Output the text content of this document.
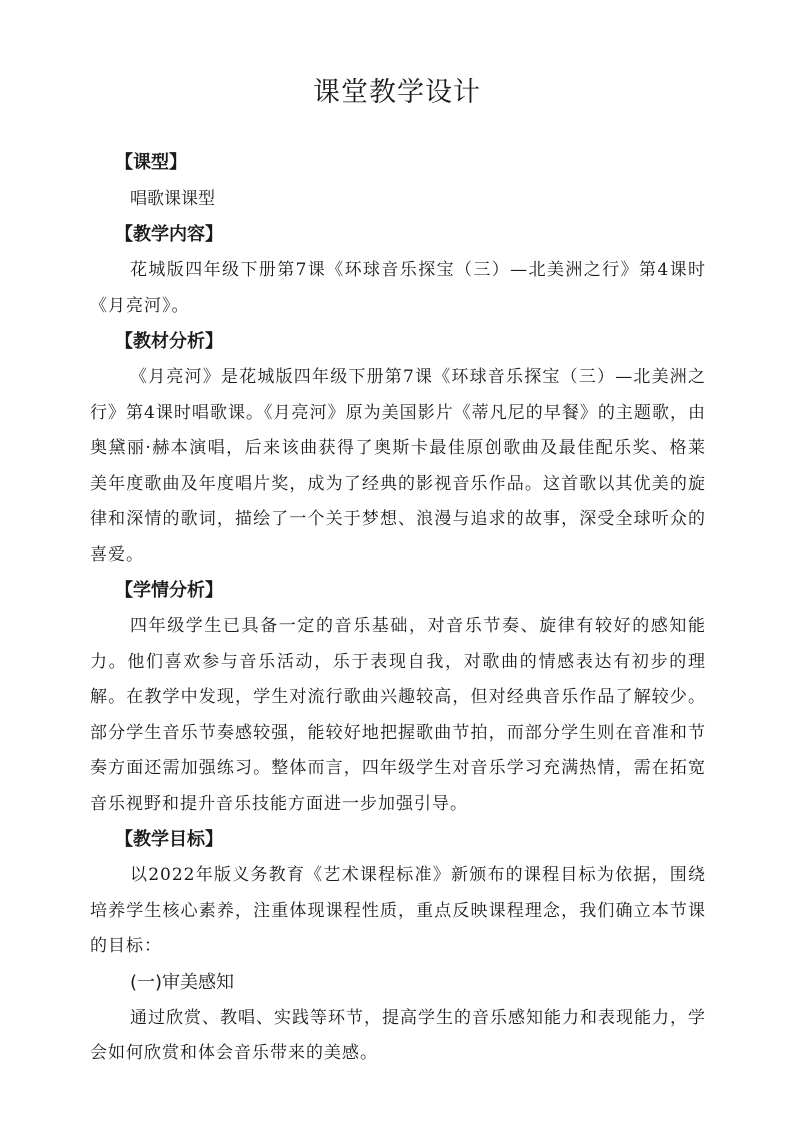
课堂教学设计

【课型】

唱歌课课型

【教学内容】

花城版四年级下册第7课《环球音乐探宝（三）—北美洲之行》第4课时《月亮河》。

【教材分析】

《月亮河》是花城版四年级下册第7课《环球音乐探宝（三）—北美洲之行》第4课时唱歌课。《月亮河》原为美国影片《蒂凡尼的早餐》的主题歌，由奥黛丽·赫本演唱，后来该曲获得了奥斯卡最佳原创歌曲及最佳配乐奖、格莱美年度歌曲及年度唱片奖，成为了经典的影视音乐作品。这首歌以其优美的旋律和深情的歌词，描绘了一个关于梦想、浪漫与追求的故事，深受全球听众的喜爱。

【学情分析】

四年级学生已具备一定的音乐基础，对音乐节奏、旋律有较好的感知能力。他们喜欢参与音乐活动，乐于表现自我，对歌曲的情感表达有初步的理解。在教学中发现，学生对流行歌曲兴趣较高，但对经典音乐作品了解较少。部分学生音乐节奏感较强，能较好地把握歌曲节拍，而部分学生则在音准和节奏方面还需加强练习。整体而言，四年级学生对音乐学习充满热情，需在拓宽音乐视野和提升音乐技能方面进一步加强引导。

【教学目标】

以2022年版义务教育《艺术课程标准》新颁布的课程目标为依据，围绕培养学生核心素养，注重体现课程性质，重点反映课程理念，我们确立本节课的目标：

(一)审美感知

通过欣赏、教唱、实践等环节，提高学生的音乐感知能力和表现能力，学会如何欣赏和体会音乐带来的美感。
